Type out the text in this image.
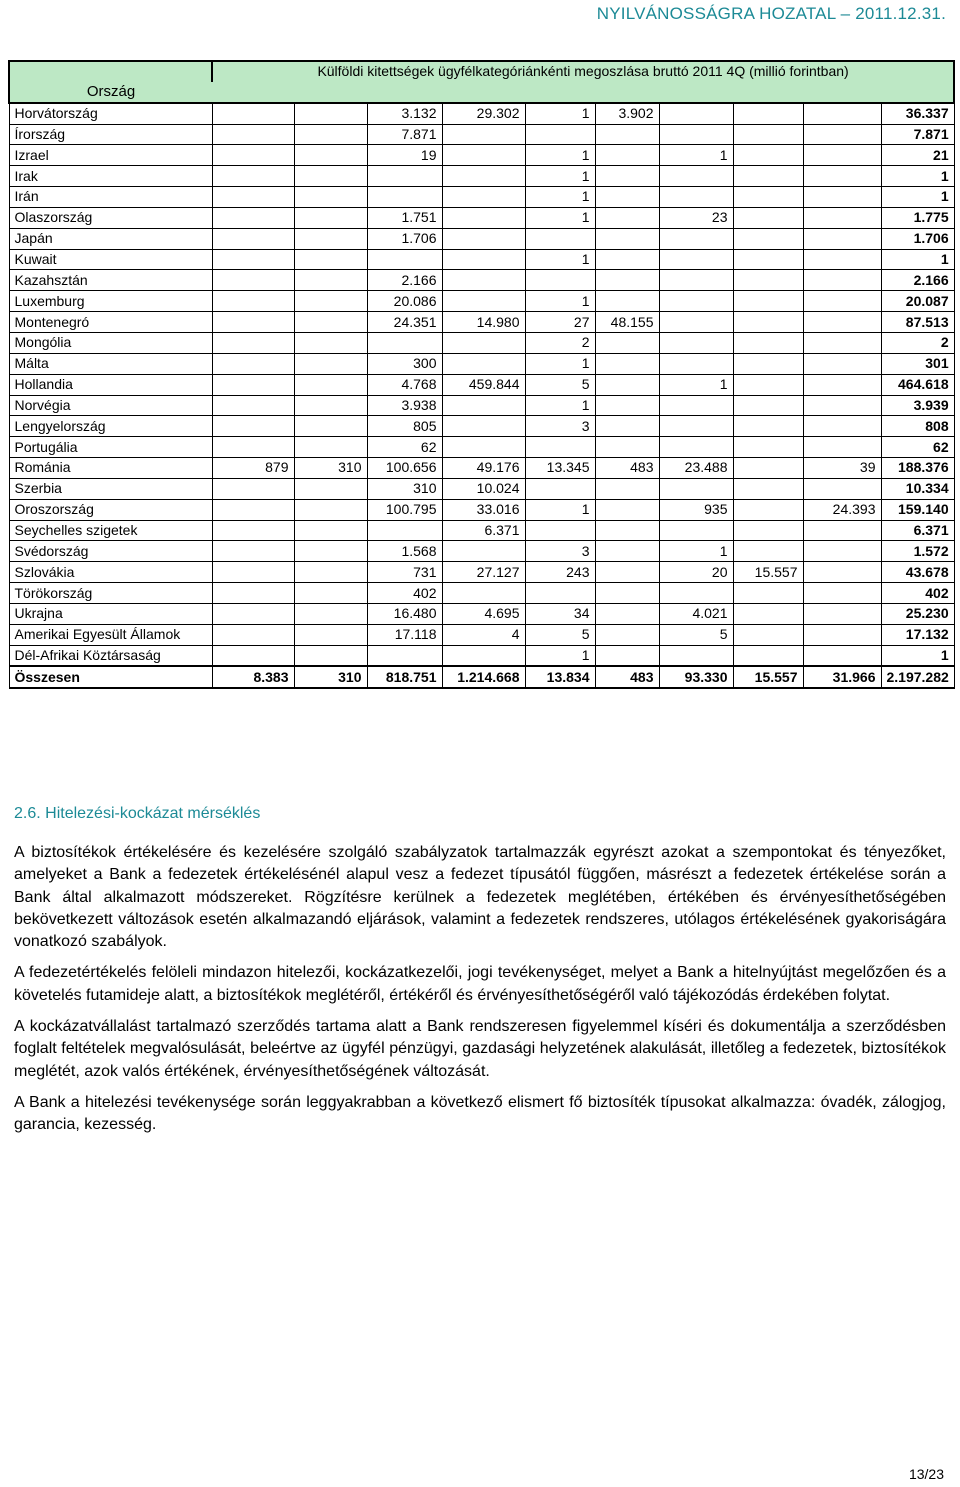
NYILVÁNOSSÁGRA HOZATAL – 2011.12.31.
	Külföldi kitettségek ügyfélkategóriánkénti megoszlása bruttó 2011 4Q (millió forintban)									
Ország	

Horvátország			3.132	29.302	1	3.902				36.337
Írország			7.871							7.871
Izrael			19		1		1			21
Irak					1					1
Irán					1					1
Olaszország			1.751		1		23			1.775
Japán			1.706							1.706
Kuwait					1					1
Kazahsztán			2.166							2.166
Luxemburg			20.086		1					20.087
Montenegró			24.351	14.980	27	48.155				87.513
Mongólia					2					2
Málta			300		1					301
Hollandia			4.768	459.844	5		1			464.618
Norvégia			3.938		1					3.939
Lengyelország			805		3					808
Portugália			62							62
Románia	879	310	100.656	49.176	13.345	483	23.488		39	188.376
Szerbia			310	10.024						10.334
Oroszország			100.795	33.016	1		935		24.393	159.140
Seychelles szigetek				6.371						6.371
Svédország			1.568		3		1			1.572
Szlovákia			731	27.127	243		20	15.557		43.678
Törökország			402							402
Ukrajna			16.480	4.695	34		4.021			25.230
Amerikai Egyesült Államok			17.118	4	5		5			17.132
Dél-Afrikai Köztársaság					1					1
Összesen	8.383	310	818.751	1.214.668	13.834	483	93.330	15.557	31.966	2.197.282
2.6. Hitelezési-kockázat mérséklés

A biztosítékok értékelésére és kezelésére szolgáló szabályzatok tartalmazzák egyrészt azokat a szempontokat és tényezőket, amelyeket a Bank a fedezetek értékelésénél alapul vesz a fedezet típusától függően, másrészt a fedezetek értékelése során a Bank által alkalmazott módszereket. Rögzítésre kerülnek a fedezetek meglétében, értékében és érvényesíthetőségében bekövetkezett változások esetén alkalmazandó eljárások, valamint a fedezetek rendszeres, utólagos értékelésének gyakoriságára vonatkozó szabályok.

A fedezetértékelés felöleli mindazon hitelezői, kockázatkezelői, jogi tevékenységet, melyet a Bank a hitelnyújtást megelőzően és a követelés futamideje alatt, a biztosítékok meglétéről, értékéről és érvényesíthetőségéről való tájékozódás érdekében folytat.

A kockázatvállalást tartalmazó szerződés tartama alatt a Bank rendszeresen figyelemmel kíséri és dokumentálja a szerződésben foglalt feltételek megvalósulását, beleértve az ügyfél pénzügyi, gazdasági helyzetének alakulását, illetőleg a fedezetek, biztosítékok meglétét, azok valós értékének, érvényesíthetőségének változását.

A Bank a hitelezési tevékenysége során leggyakrabban a következő elismert fő biztosíték típusokat alkalmazza: óvadék, zálogjog, garancia, kezesség.

13/23
